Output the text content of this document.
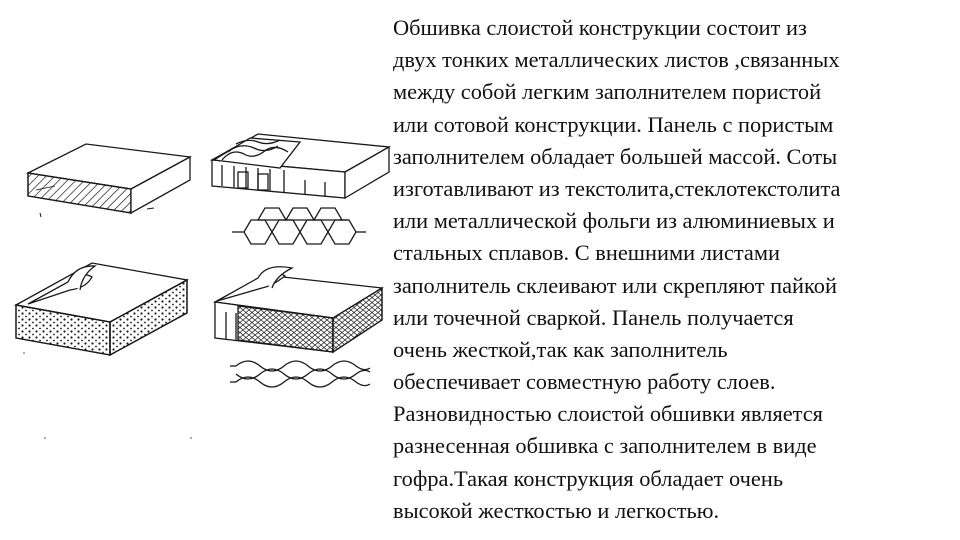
Обшивка слоистой конструкции состоит из
двух тонких металлических листов ,связанных
между собой легким заполнителем пористой
или сотовой конструкции. Панель с пористым
заполнителем обладает большей массой. Соты
изготавливают из текстолита,стеклотекстолита
или металлической фольги из алюминиевых и
стальных сплавов. С внешними листами
заполнитель склеивают или скрепляют пайкой
или точечной сваркой. Панель получается
очень жесткой,так как заполнитель
обеспечивает совместную работу слоев.
Разновидностью слоистой обшивки является
разнесенная обшивка с заполнителем в виде
гофра.Такая конструкция обладает очень
высокой жесткостью и легкостью.
